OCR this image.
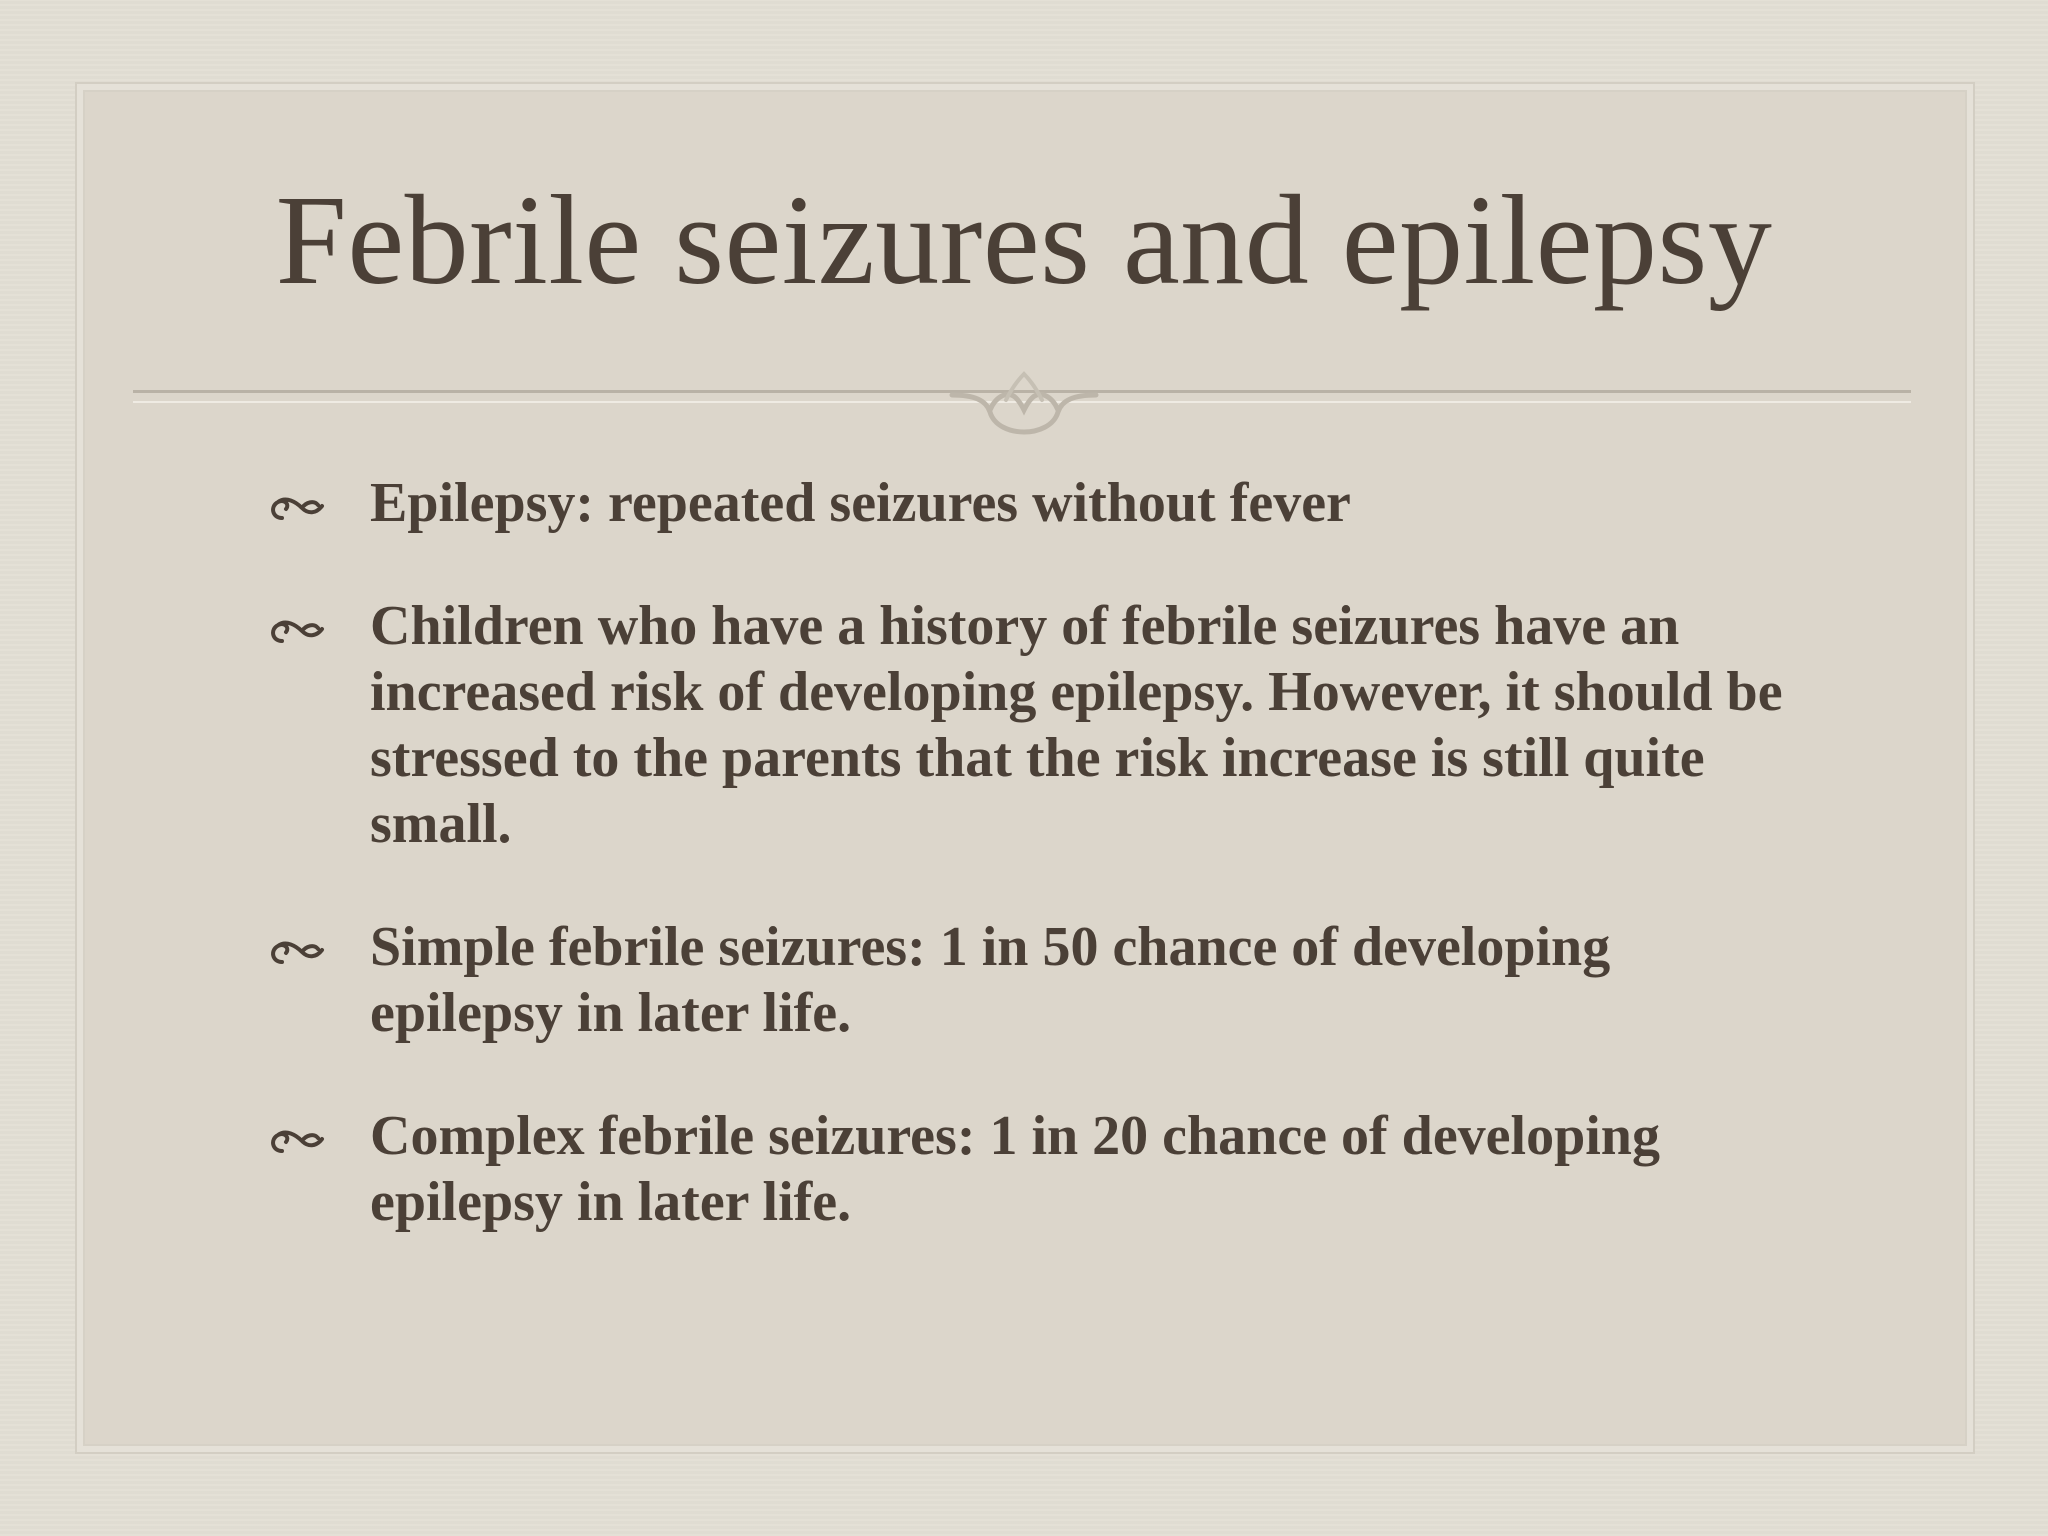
Febrile seizures and epilepsy
Epilepsy: repeated seizures without fever
Children who have a history of febrile seizures have an increased risk of developing epilepsy. However, it should be stressed to the parents that the risk increase is still quite small.
Simple febrile seizures: 1 in 50 chance of developing epilepsy in later life.
Complex febrile seizures: 1 in 20 chance of developing epilepsy in later life.
